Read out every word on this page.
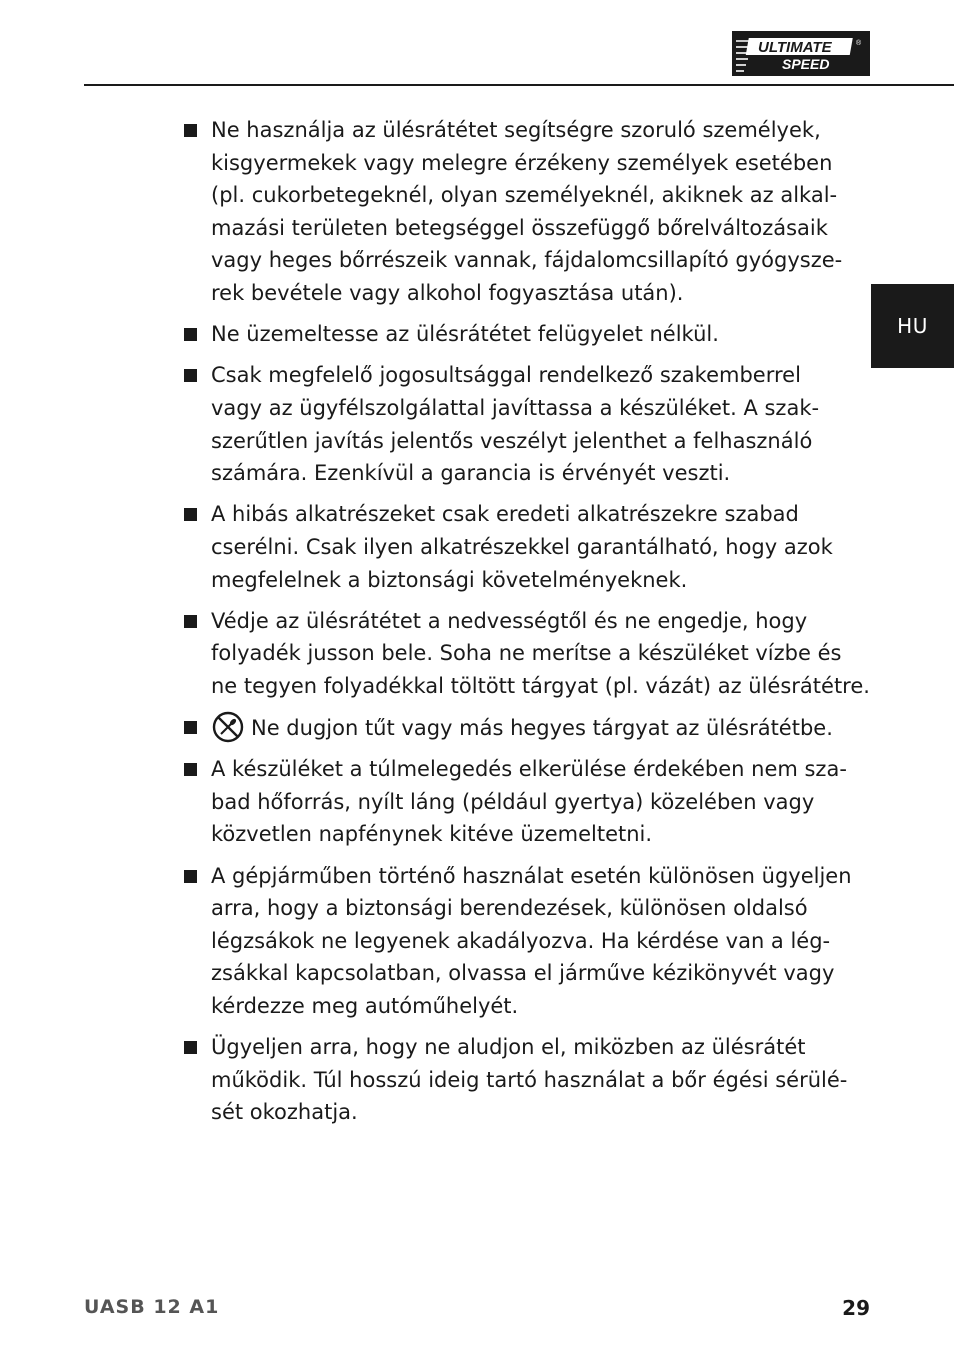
ULTIMATE
SPEED
®
HU
Ne használja az ülésrátétet segítségre szoruló személyek,
kisgyermekek vagy melegre érzékeny személyek esetében
(pl. cukorbetegeknél, olyan személyeknél, akiknek az alkal-
mazási területen betegséggel összefüggő bőrelváltozásaik
vagy heges bőrrészeik vannak, fájdalomcsillapító gyógysze-
rek bevétele vagy alkohol fogyasztása után).
Ne üzemeltesse az ülésrátétet felügyelet nélkül.
Csak megfelelő jogosultsággal rendelkező szakemberrel
vagy az ügyfélszolgálattal javíttassa a készüléket. A szak-
szerűtlen javítás jelentős veszélyt jelenthet a felhasználó
számára. Ezenkívül a garancia is érvényét veszti.
A hibás alkatrészeket csak eredeti alkatrészekre szabad
cserélni. Csak ilyen alkatrészekkel garantálható, hogy azok
megfelelnek a biztonsági követelményeknek.
Védje az ülésrátétet a nedvességtől és ne engedje, hogy
folyadék jusson bele. Soha ne merítse a készüléket vízbe és
ne tegyen folyadékkal töltött tárgyat (pl. vázát) az ülésrátétre.
Ne dugjon tűt vagy más hegyes tárgyat az ülésrátétbe.
A készüléket a túlmelegedés elkerülése érdekében nem sza-
bad hőforrás, nyílt láng (például gyertya) közelében vagy
közvetlen napfénynek kitéve üzemeltetni.
A gépjárműben történő használat esetén különösen ügyeljen
arra, hogy a biztonsági berendezések, különösen oldalsó
légzsákok ne legyenek akadályozva. Ha kérdése van a lég-
zsákkal kapcsolatban, olvassa el járműve kézikönyvét vagy
kérdezze meg autóműhelyét.
Ügyeljen arra, hogy ne aludjon el, miközben az ülésrátét
működik. Túl hosszú ideig tartó használat a bőr égési sérülé-
sét okozhatja.
UASB 12 A1	29
